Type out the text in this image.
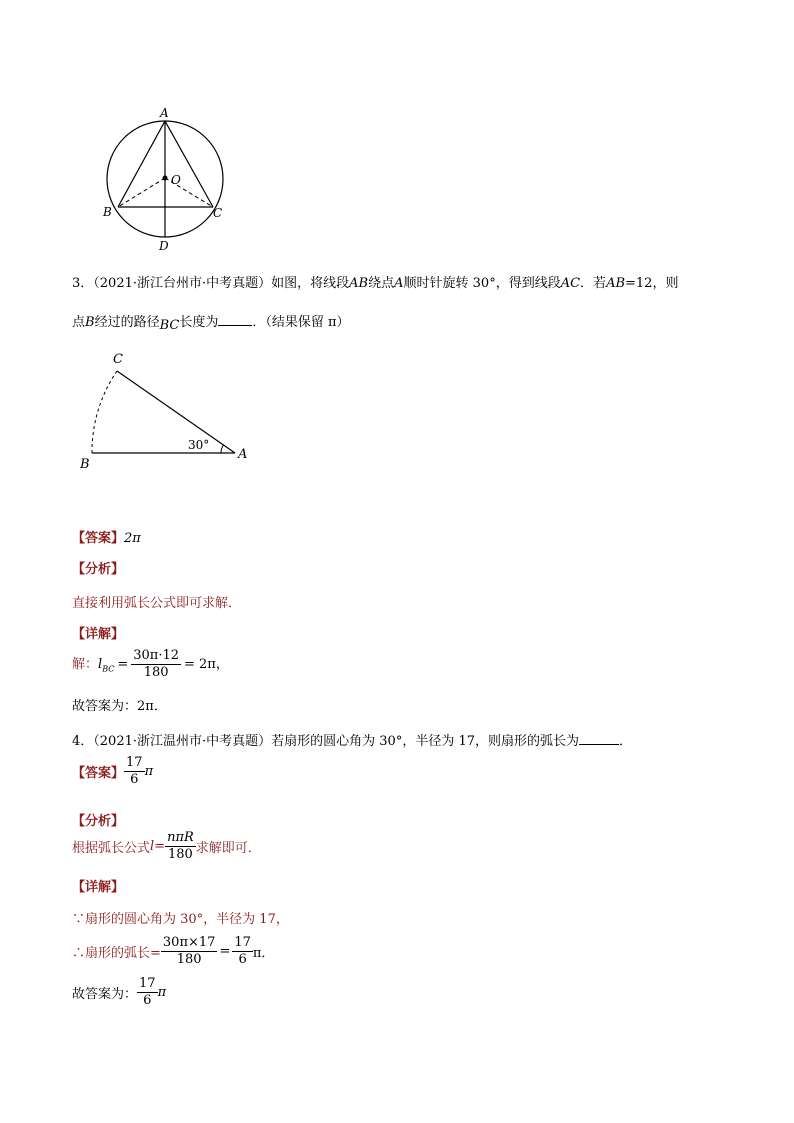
A
O
B	C
D
3．（2021·浙江台州市·中考真题）如图，将线段AB绕点A顺时针旋转 30°，得到线段AC．若AB=12，则
点B经过的路径BC长度为	．（结果保留 π）
C
B
A
30°
【答案】2π
【分析】
直接利用弧长公式即可求解．
【详解】
解：$l_{BC} = \frac{30\pi\cdot 12}{180} = 2\pi$，
故答案为：2π．
4．（2021·浙江温州市·中考真题）若扇形的圆心角为 30°，半径为 17，则扇形的弧长为	．
【答案】 $\frac{17}{6}$ π
【分析】
根据弧长公式$l= \frac{\text{nπR}}{180}$ 求解即可．
【详解】
∵扇形的圆心角为 30°，半径为 17，
∴扇形的弧长= $\frac{30\pi\times 17}{180} = \frac{17}{6}$ π．
故答案为： $\frac{17}{6}$ π
